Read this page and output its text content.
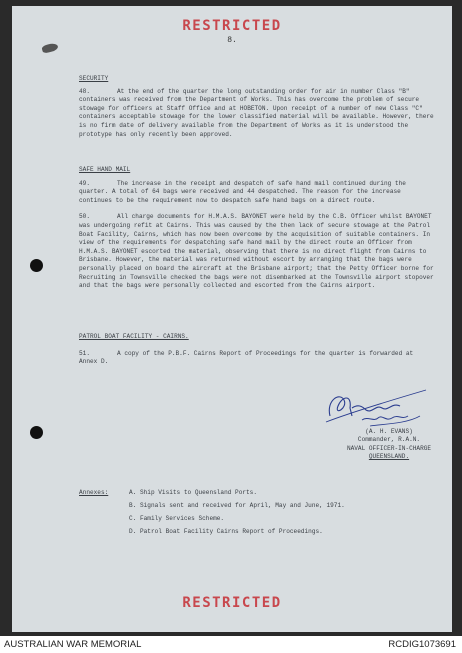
RESTRICTED
8.
SECURITY

48.	At the end of the quarter the long outstanding order for air in number Class "B" containers was received from the Department of Works. This has overcome the problem of secure stowage for officers at Staff Office and at HOBETON. Upon receipt of a number of new Class "C" containers acceptable stowage for the lower classified material will be available. However, there is no firm date of delivery available from the Department of Works as it is understood the prototype has only recently been approved.

SAFE HAND MAIL

49.	The increase in the receipt and despatch of safe hand mail continued during the quarter. A total of 64 bags were received and 44 despatched. The reason for the increase continues to be the requirement now to despatch safe hand bags on a direct route.

50.	All charge documents for H.M.A.S. BAYONET were held by the C.B. Officer whilst BAYONET was undergoing refit at Cairns. This was caused by the then lack of secure stowage at the Patrol Boat Facility, Cairns, which has now been overcome by the acquisition of suitable containers. In view of the requirements for despatching safe hand mail by the direct route an Officer from H.M.A.S. BAYONET escorted the material, observing that there is no direct flight from Cairns to Brisbane. However, the material was returned without escort by arranging that the bags were personally placed on board the aircraft at the Brisbane airport; that the Petty Officer borne for Recruiting in Townsville checked the bags were not disembarked at the Townsville airport stopover and that the bags were personally collected and escorted from the Cairns airport.

PATROL BOAT FACILITY - CAIRNS.

51.	A copy of the P.B.F. Cairns Report of Proceedings for the quarter is forwarded at Annex D.

(A. H. EVANS)
Commander, R.A.N.
NAVAL OFFICER-IN-CHARGE
QUEENSLAND.
Annexes:	A. Ship Visits to Queensland Ports.
B. Signals sent and received for April, May and June, 1971.
C. Family Services Scheme.
D. Patrol Boat Facility Cairns Report of Proceedings.
RESTRICTED
AUSTRALIAN WAR MEMORIAL	RCDIG1073691
